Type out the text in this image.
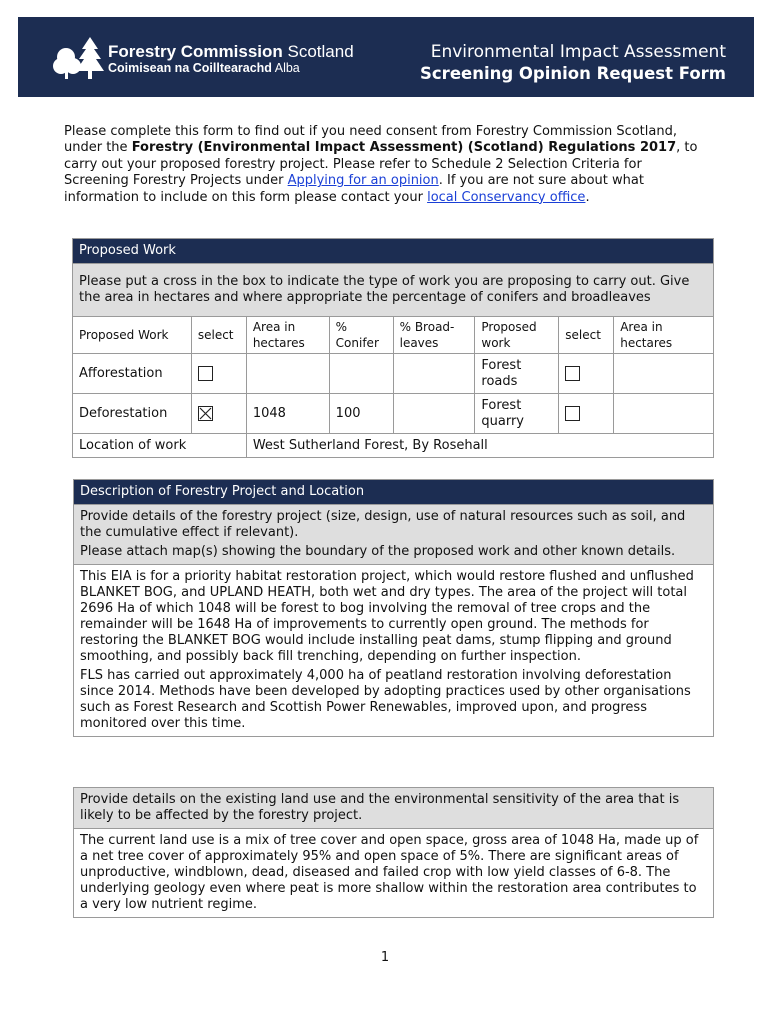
Forestry Commission Scotland
Coimisean na Coilltearachd Alba
Environmental Impact Assessment
Screening Opinion Request Form
Please complete this form to find out if you need consent from Forestry Commission Scotland, under the Forestry (Environmental Impact Assessment) (Scotland) Regulations 2017, to carry out your proposed forestry project. Please refer to Schedule 2 Selection Criteria for Screening Forestry Projects under Applying for an opinion. If you are not sure about what information to include on this form please contact your local Conservancy office.
Proposed Work							
Please put a cross in the box to indicate the type of work you are proposing to carry out. Give the area in hectares and where appropriate the percentage of conifers and broadleaves							
Proposed Work	select	Area in hectares	% Conifer	% Broad-leaves	Proposed work	select	Area in hectares
Afforestation					Forest roads		
Deforestation		1048	100		Forest quarry		
Location of work		West Sutherland Forest, By Rosehall					
Description of Forestry Project and Location

Provide details of the forestry project (size, design, use of natural resources such as soil, and the cumulative effect if relevant).
Please attach map(s) showing the boundary of the proposed work and other known details.

This EIA is for a priority habitat restoration project, which would restore flushed and unflushed BLANKET BOG, and UPLAND HEATH, both wet and dry types. The area of the project will total 2696 Ha of which 1048 will be forest to bog involving the removal of tree crops and the remainder will be 1648 Ha of improvements to currently open ground. The methods for restoring the BLANKET BOG would include installing peat dams, stump flipping and ground smoothing, and possibly back fill trenching, depending on further inspection.
FLS has carried out approximately 4,000 ha of peatland restoration involving deforestation since 2014. Methods have been developed by adopting practices used by other organisations such as Forest Research and Scottish Power Renewables, improved upon, and progress monitored over this time.
Provide details on the existing land use and the environmental sensitivity of the area that is likely to be affected by the forestry project.
The current land use is a mix of tree cover and open space, gross area of 1048 Ha, made up of a net tree cover of approximately 95% and open space of 5%. There are significant areas of unproductive, windblown, dead, diseased and failed crop with low yield classes of 6-8. The underlying geology even where peat is more shallow within the restoration area contributes to a very low nutrient regime.
1
